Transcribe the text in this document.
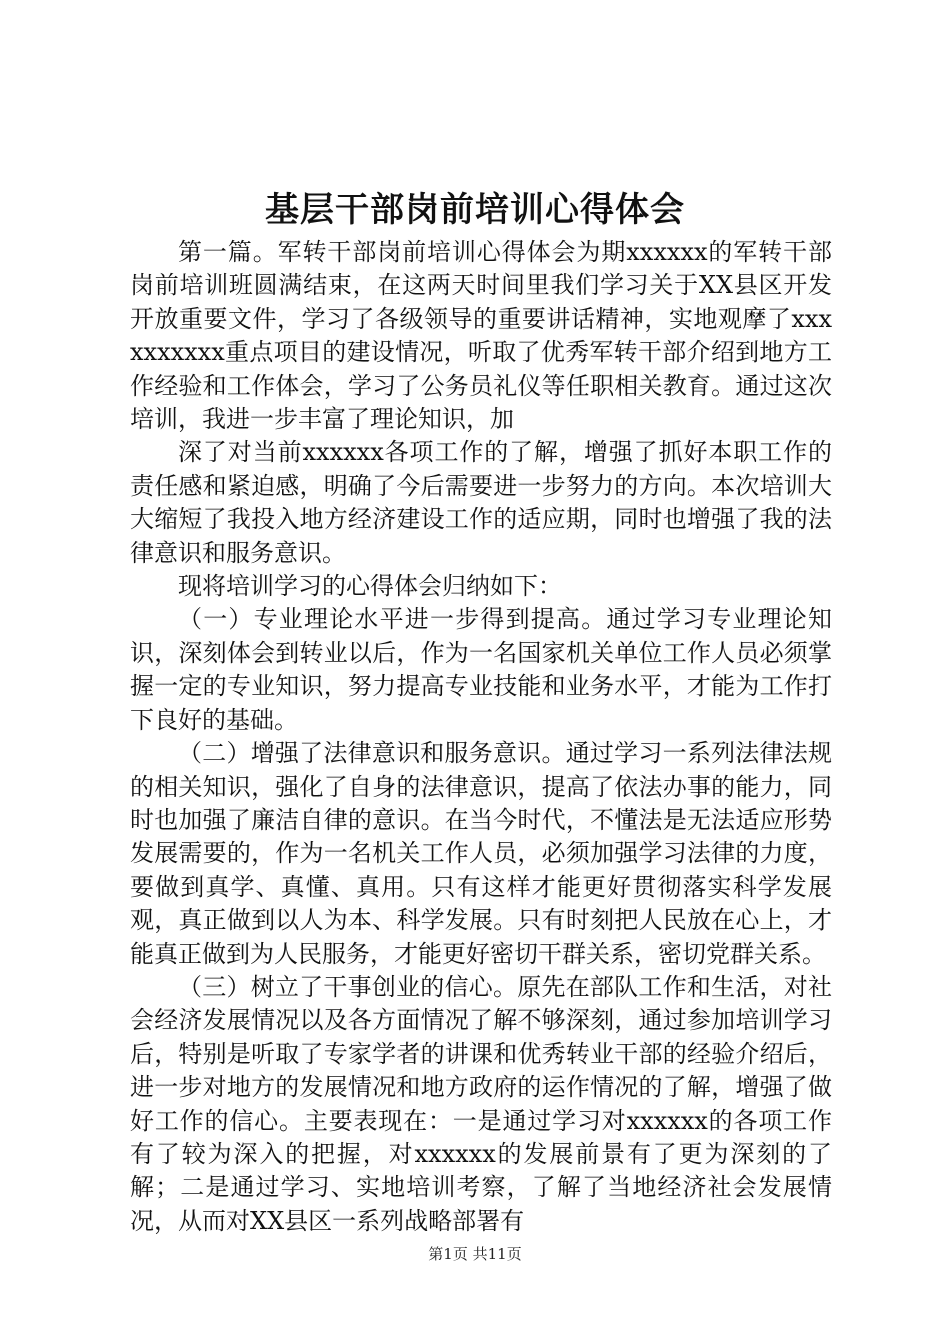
基层干部岗前培训心得体会

第一篇。军转干部岗前培训心得体会为期xxxxxx的军转干部岗前培训班圆满结束，在这两天时间里我们学习关于XX县区开发开放重要文件，学习了各级领导的重要讲话精神，实地观摩了xxxxxxxxxx重点项目的建设情况，听取了优秀军转干部介绍到地方工作经验和工作体会，学习了公务员礼仪等任职相关教育。通过这次培训，我进一步丰富了理论知识，加

深了对当前xxxxxx各项工作的了解，增强了抓好本职工作的责任感和紧迫感，明确了今后需要进一步努力的方向。本次培训大大缩短了我投入地方经济建设工作的适应期，同时也增强了我的法律意识和服务意识。

现将培训学习的心得体会归纳如下：

（一）专业理论水平进一步得到提高。通过学习专业理论知识，深刻体会到转业以后，作为一名国家机关单位工作人员必须掌握一定的专业知识，努力提高专业技能和业务水平，才能为工作打下良好的基础。

（二）增强了法律意识和服务意识。通过学习一系列法律法规的相关知识，强化了自身的法律意识，提高了依法办事的能力，同时也加强了廉洁自律的意识。在当今时代，不懂法是无法适应形势发展需要的，作为一名机关工作人员，必须加强学习法律的力度，要做到真学、真懂、真用。只有这样才能更好贯彻落实科学发展观，真正做到以人为本、科学发展。只有时刻把人民放在心上，才能真正做到为人民服务，才能更好密切干群关系，密切党群关系。

（三）树立了干事创业的信心。原先在部队工作和生活，对社会经济发展情况以及各方面情况了解不够深刻，通过参加培训学习后，特别是听取了专家学者的讲课和优秀转业干部的经验介绍后，进一步对地方的发展情况和地方政府的运作情况的了解，增强了做好工作的信心。主要表现在：一是通过学习对xxxxxx的各项工作有了较为深入的把握，对xxxxxx的发展前景有了更为深刻的了解；二是通过学习、实地培训考察，了解了当地经济社会发展情况，从而对XX县区一系列战略部署有

第1页 共11页
